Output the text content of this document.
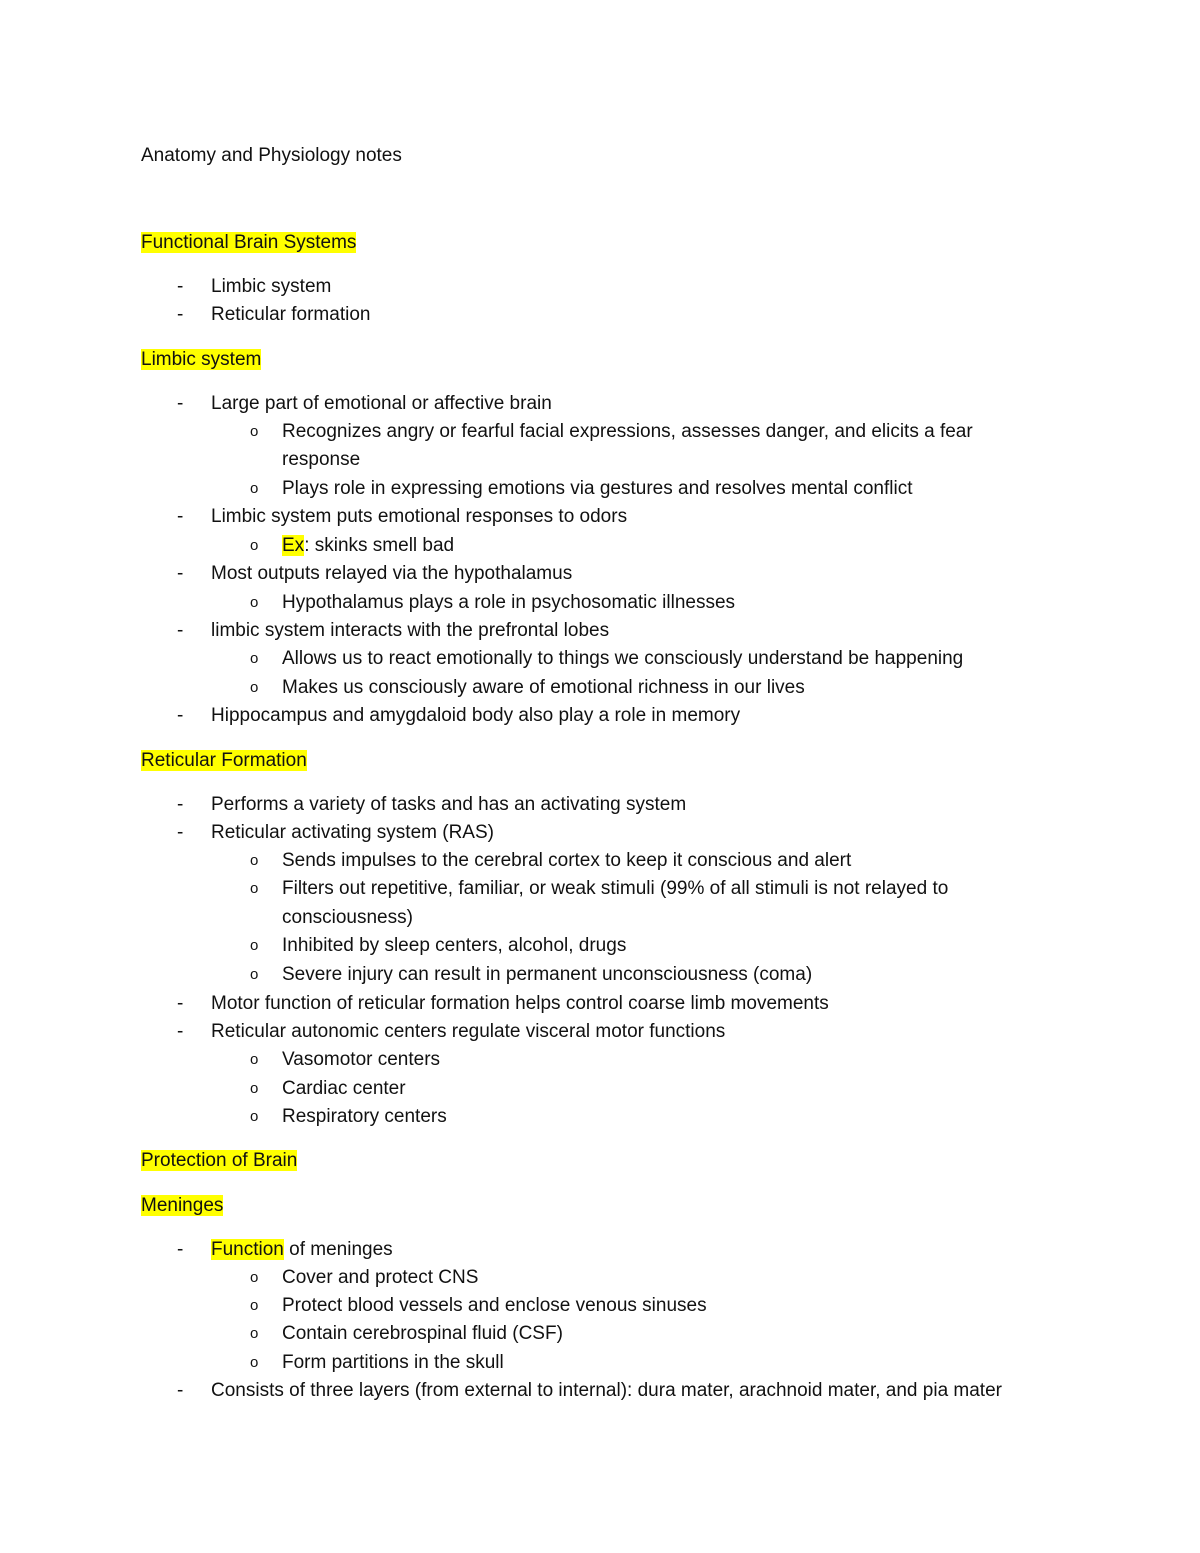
Anatomy and Physiology notes
Functional Brain Systems
- Limbic system
- Reticular formation
Limbic system
- Large part of emotional or affective brain
o Recognizes angry or fearful facial expressions, assesses danger, and elicits a fear
response
o Plays role in expressing emotions via gestures and resolves mental conflict
- Limbic system puts emotional responses to odors
o Ex: skinks smell bad
- Most outputs relayed via the hypothalamus
o Hypothalamus plays a role in psychosomatic illnesses
- limbic system interacts with the prefrontal lobes
o Allows us to react emotionally to things we consciously understand be happening
o Makes us consciously aware of emotional richness in our lives
- Hippocampus and amygdaloid body also play a role in memory
Reticular Formation
- Performs a variety of tasks and has an activating system
- Reticular activating system (RAS)
o Sends impulses to the cerebral cortex to keep it conscious and alert
o Filters out repetitive, familiar, or weak stimuli (99% of all stimuli is not relayed to
consciousness)
o Inhibited by sleep centers, alcohol, drugs
o Severe injury can result in permanent unconsciousness (coma)
- Motor function of reticular formation helps control coarse limb movements
- Reticular autonomic centers regulate visceral motor functions
o Vasomotor centers
o Cardiac center
o Respiratory centers
Protection of Brain
Meninges
- Function of meninges
o Cover and protect CNS
o Protect blood vessels and enclose venous sinuses
o Contain cerebrospinal fluid (CSF)
o Form partitions in the skull
- Consists of three layers (from external to internal): dura mater, arachnoid mater, and pia mater
